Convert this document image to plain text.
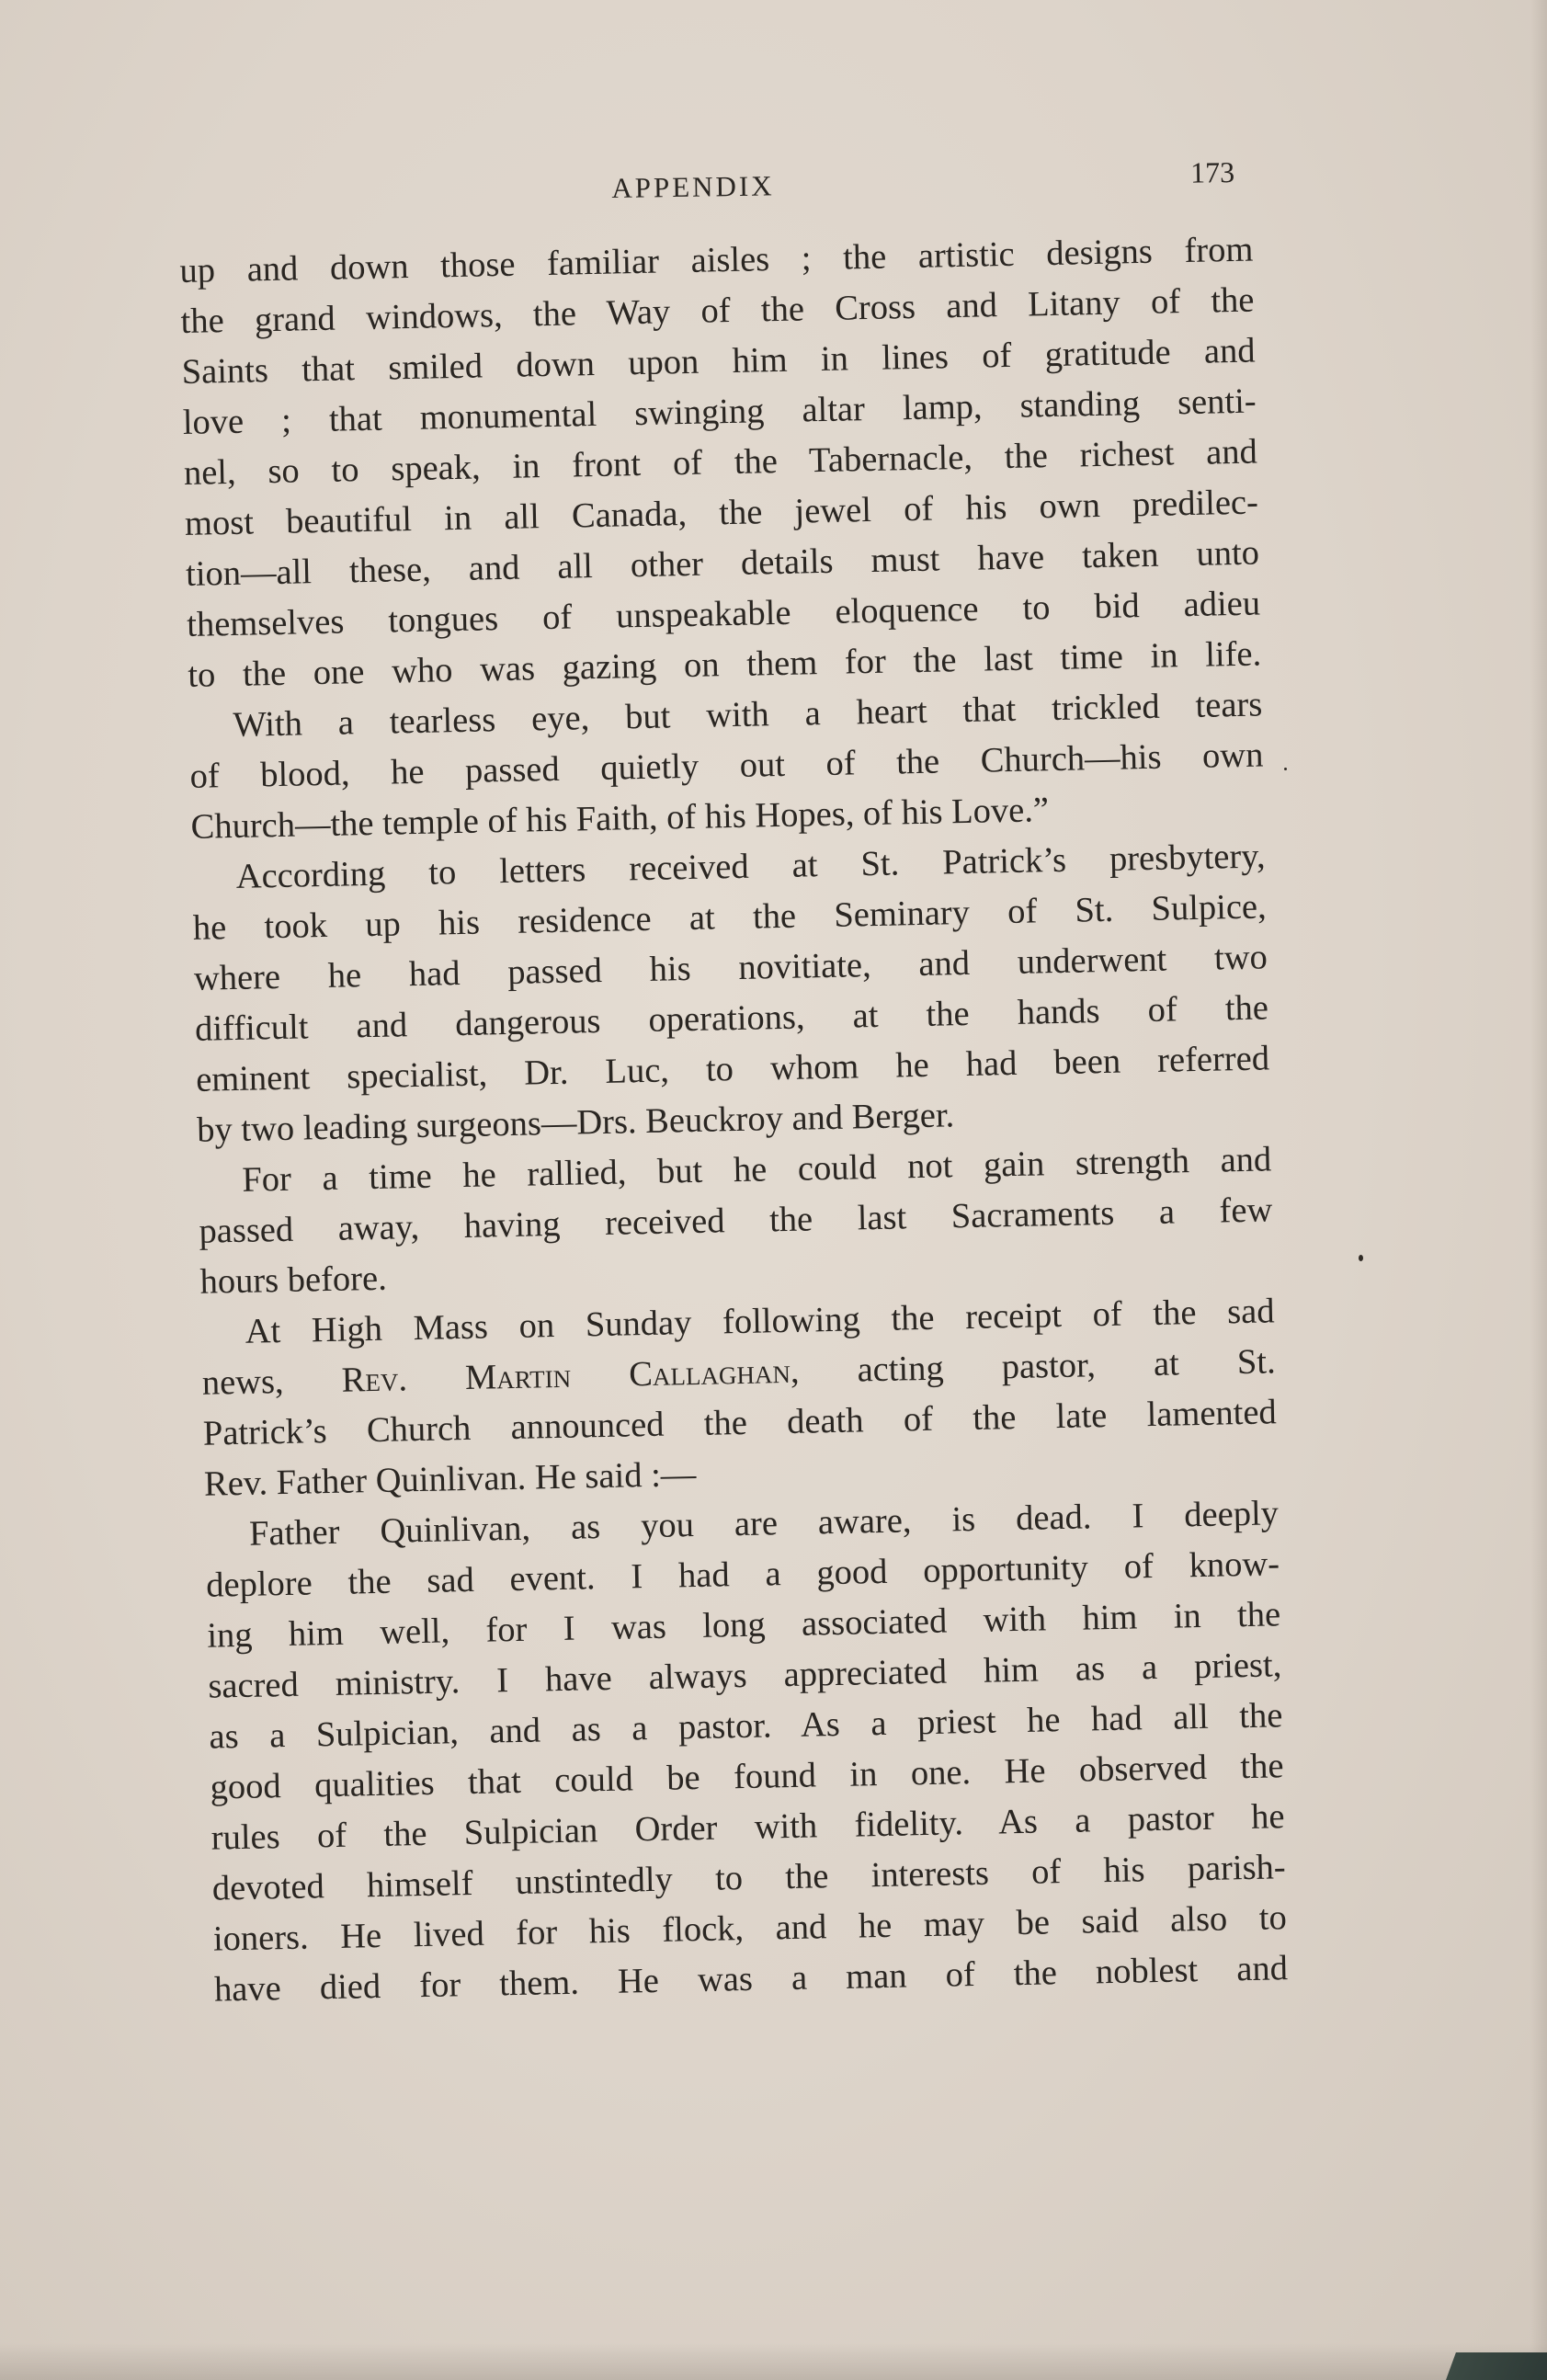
APPENDIX	173
up and down those familiar aisles ; the artistic designs from
the grand windows, the Way of the Cross and Litany of the
Saints that smiled down upon him in lines of gratitude and
love ; that monumental swinging altar lamp, standing senti-
nel, so to speak, in front of the Tabernacle, the richest and
most beautiful in all Canada, the jewel of his own predilec-
tion—all these, and all other details must have taken unto
themselves tongues of unspeakable eloquence to bid adieu
to the one who was gazing on them for the last time in life.
With a tearless eye, but with a heart that trickled tears
of blood, he passed quietly out of the Church—his own
Church—the temple of his Faith, of his Hopes, of his Love.”
According to letters received at St. Patrick’s presbytery,
he took up his residence at the Seminary of St. Sulpice,
where he had passed his novitiate, and underwent two
difficult and dangerous operations, at the hands of the
eminent specialist, Dr. Luc, to whom he had been referred
by two leading surgeons—Drs. Beuckroy and Berger.
For a time he rallied, but he could not gain strength and
passed away, having received the last Sacraments a few
hours before.
At High Mass on Sunday following the receipt of the sad
news, Rev. Martin Callaghan, acting pastor, at St.
Patrick’s Church announced the death of the late lamented
Rev. Father Quinlivan. He said :—
Father Quinlivan, as you are aware, is dead. I deeply
deplore the sad event. I had a good opportunity of know-
ing him well, for I was long associated with him in the
sacred ministry. I have always appreciated him as a priest,
as a Sulpician, and as a pastor. As a priest he had all the
good qualities that could be found in one. He observed the
rules of the Sulpician Order with fidelity. As a pastor he
devoted himself unstintedly to the interests of his parish-
ioners. He lived for his flock, and he may be said also to
have died for them. He was a man of the noblest and
